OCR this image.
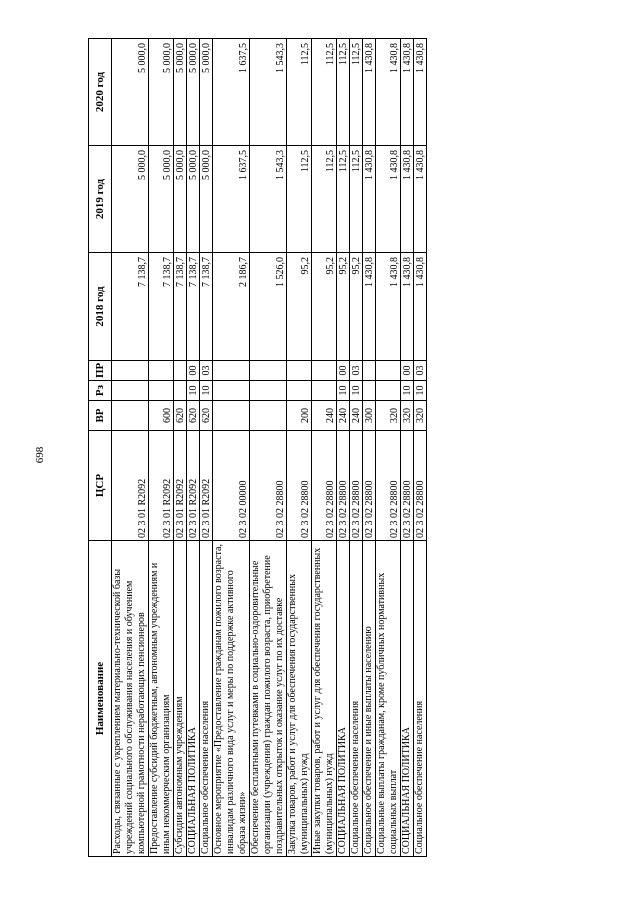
698
Наименование	ЦСР	ВР	Рз	ПР	2018 год	2019 год	2020 год
Расходы, связанные с укреплением материально-технической базы учреждений социального обслуживания населения и обучением компьютерной грамотности неработающих пенсионеров	02 3 01 R2092				7 138,7	5 000,0	5 000,0
Предоставление субсидий бюджетным, автономным учреждениям и иным некоммерческим организациям	02 3 01 R2092	600			7 138,7	5 000,0	5 000,0
Субсидии автономным учреждениям	02 3 01 R2092	620			7 138,7	5 000,0	5 000,0
СОЦИАЛЬНАЯ ПОЛИТИКА	02 3 01 R2092	620	10	00	7 138,7	5 000,0	5 000,0
Социальное обеспечение населения	02 3 01 R2092	620	10	03	7 138,7	5 000,0	5 000,0
Основное мероприятие «Предоставление гражданам пожилого возраста, инвалидам различного вида услуг и меры по поддержке активного образа жизни»	02 3 02 00000				2 186,7	1 637,5	1 637,5
Обеспечение бесплатными путевками в социально-оздоровительные организации (учреждения) граждан пожилого возраста, приобретение поздравительных открыток и оказание услуг по их доставке	02 3 02 28800				1 526,0	1 543,3	1 543,3
Закупка товаров, работ и услуг для обеспечения государственных (муниципальных) нужд	02 3 02 28800	200			95,2	112,5	112,5
Иные закупки товаров, работ и услуг для обеспечения государственных (муниципальных) нужд	02 3 02 28800	240			95,2	112,5	112,5
СОЦИАЛЬНАЯ ПОЛИТИКА	02 3 02 28800	240	10	00	95,2	112,5	112,5
Социальное обеспечение населения	02 3 02 28800	240	10	03	95,2	112,5	112,5
Социальное обеспечение и иные выплаты населению	02 3 02 28800	300			1 430,8	1 430,8	1 430,8
Социальные выплаты гражданам, кроме публичных нормативных социальных выплат	02 3 02 28800	320			1 430,8	1 430,8	1 430,8
СОЦИАЛЬНАЯ ПОЛИТИКА	02 3 02 28800	320	10	00	1 430,8	1 430,8	1 430,8
Социальное обеспечение населения	02 3 02 28800	320	10	03	1 430,8	1 430,8	1 430,8
